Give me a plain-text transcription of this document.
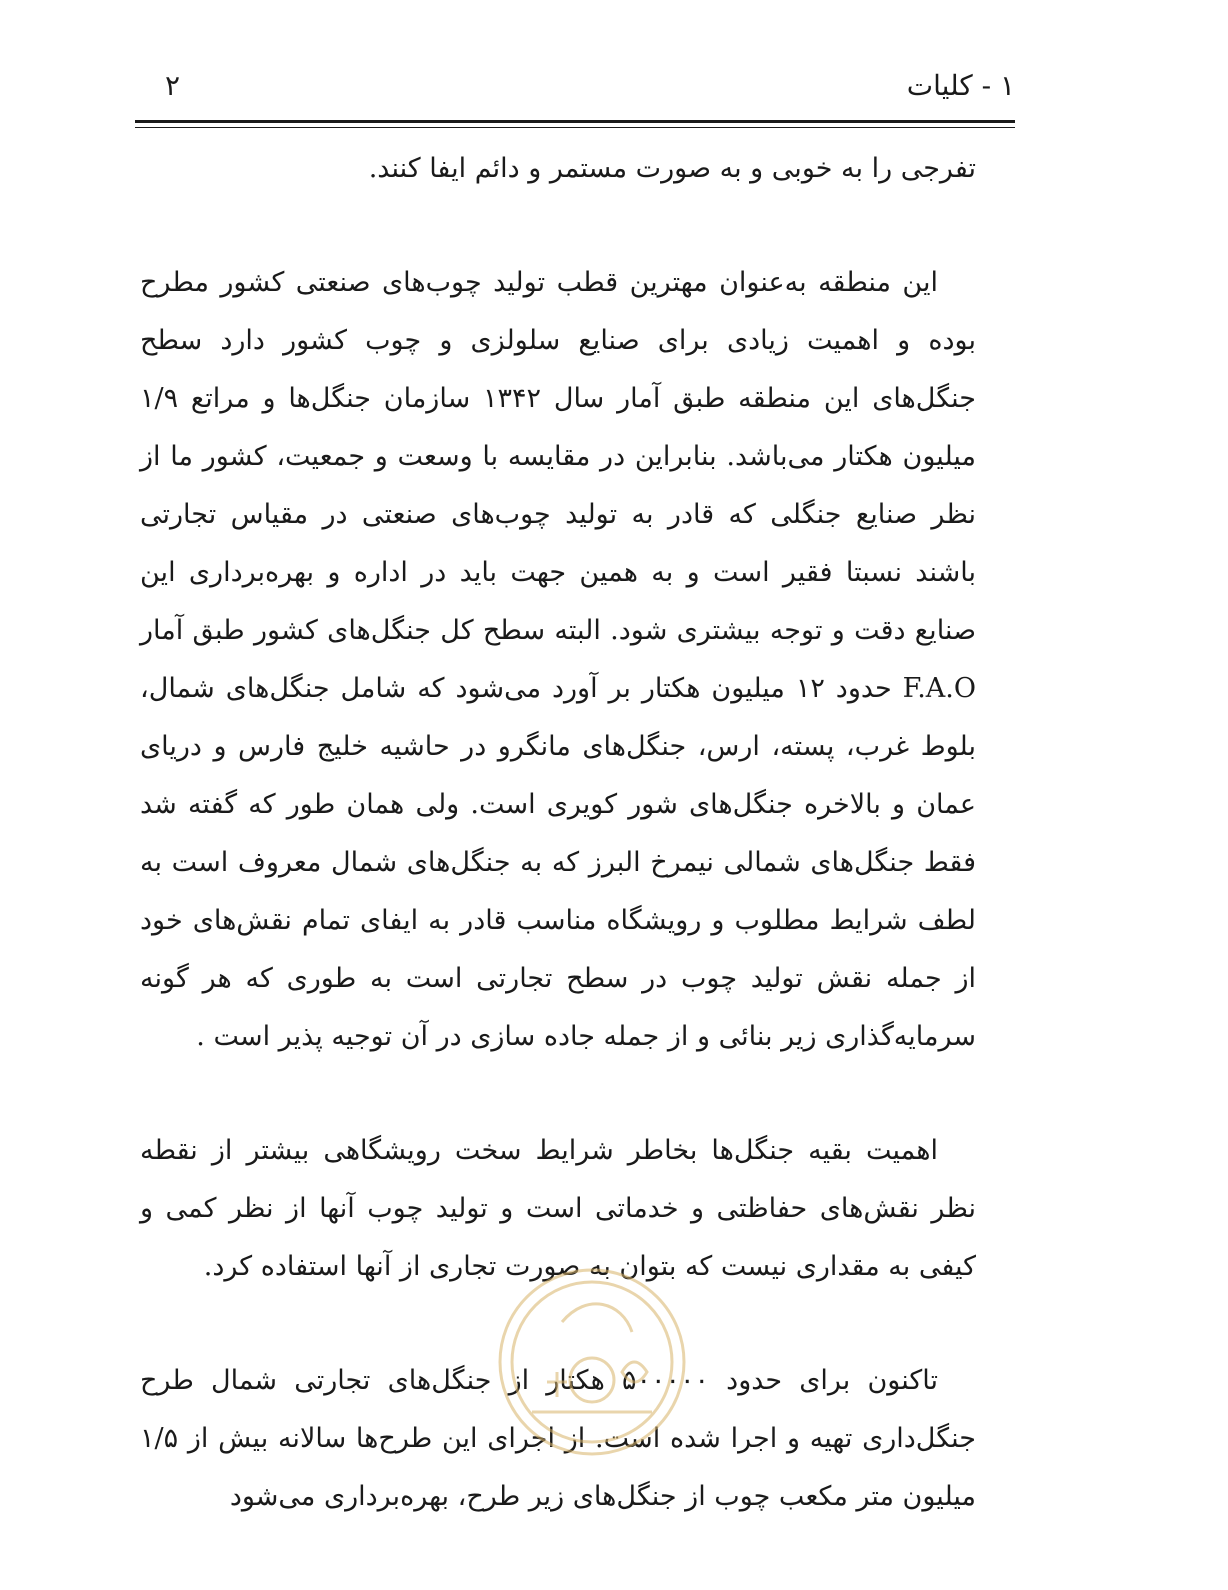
۱ - کلیات
۲

تفرجی را به خوبی و به صورت مستمر و دائم ایفا کنند.

این منطقه به‌عنوان مهترین قطب تولید چوب‌های صنعتی کشور مطرح بوده و اهمیت زیادی برای صنایع سلولزی و چوب کشور دارد سطح جنگل‌های این منطقه طبق آمار سال ۱۳۴۲ سازمان جنگل‌ها و مراتع ۱/۹ میلیون هکتار می‌باشد. بنابراین در مقایسه با وسعت و جمعیت، کشور ما از نظر صنایع جنگلی که قادر به تولید چوب‌های صنعتی در مقیاس تجارتی باشند نسبتا فقیر است و به همین جهت باید در اداره و بهره‌برداری این صنایع دقت و توجه بیشتری شود. البته سطح کل جنگل‌های کشور طبق آمار F.A.O حدود ۱۲ میلیون هکتار بر آورد می‌شود که شامل جنگل‌های شمال، بلوط غرب، پسته، ارس، جنگل‌های مانگرو در حاشیه خلیج فارس و دریای عمان و بالاخره جنگل‌های شور کویری است. ولی همان طور که گفته شد فقط جنگل‌های شمالی نیمرخ البرز که به جنگل‌های شمال معروف است به لطف شرایط مطلوب و رویشگاه مناسب قادر به ایفای تمام نقش‌های خود از جمله نقش تولید چوب در سطح تجارتی است به طوری که هر گونه سرمایه‌گذاری زیر بنائی و از جمله جاده سازی در آن توجیه پذیر است .

اهمیت بقیه جنگل‌ها بخاطر شرایط سخت رویشگاهی بیشتر از نقطه نظر نقش‌های حفاظتی و خدماتی است و تولید چوب آنها از نظر کمی و کیفی به مقداری نیست که بتوان به صورت تجاری از آنها استفاده کرد.

تاکنون برای حدود ۵۰۰۰۰۰ هکتار از جنگل‌های تجارتی شمال طرح جنگل‌داری تهیه و اجرا شده است. از اجرای این طرح‌ها سالانه بیش از ۱/۵ میلیون متر مکعب چوب از جنگل‌های زیر طرح، بهره‌برداری می‌شود
